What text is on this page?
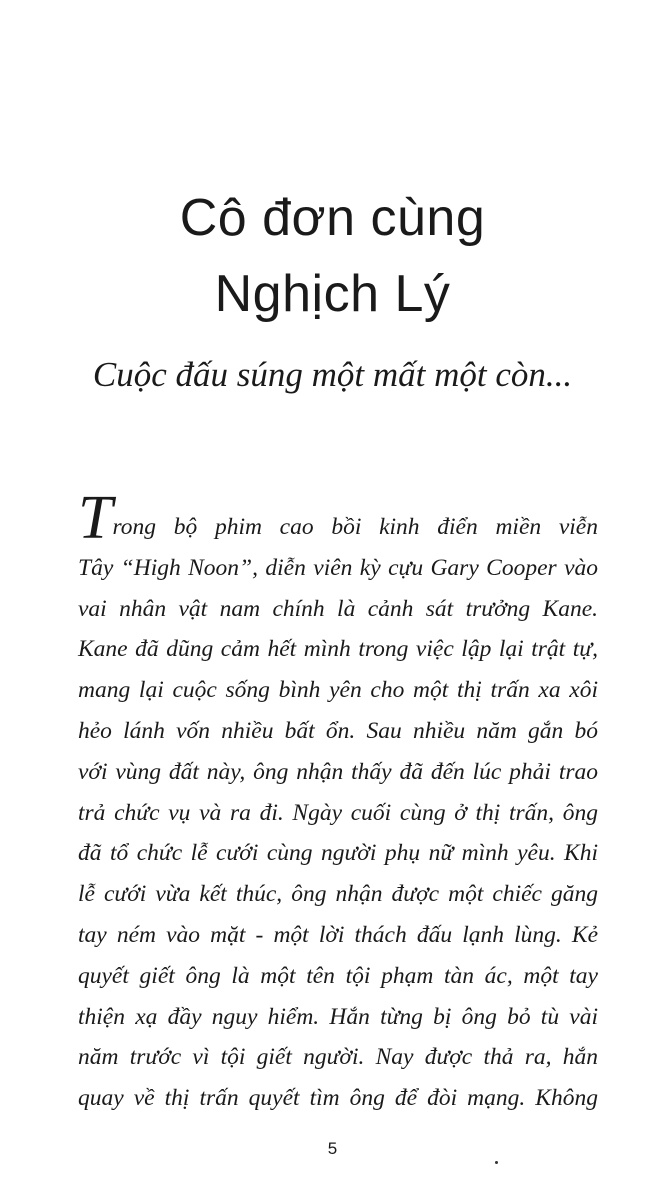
Cô đơn cùng
Nghịch Lý

Cuộc đấu súng một mất một còn...

Trong bộ phim cao bồi kinh điển miền viễn
Tây “High Noon”, diễn viên kỳ cựu Gary Cooper vào
vai nhân vật nam chính là cảnh sát trưởng Kane.
Kane đã dũng cảm hết mình trong việc lập lại trật tự,
mang lại cuộc sống bình yên cho một thị trấn xa xôi
hẻo lánh vốn nhiều bất ổn. Sau nhiều năm gắn bó
với vùng đất này, ông nhận thấy đã đến lúc phải trao
trả chức vụ và ra đi. Ngày cuối cùng ở thị trấn, ông
đã tổ chức lễ cưới cùng người phụ nữ mình yêu. Khi
lễ cưới vừa kết thúc, ông nhận được một chiếc găng
tay ném vào mặt - một lời thách đấu lạnh lùng. Kẻ
quyết giết ông là một tên tội phạm tàn ác, một tay
thiện xạ đầy nguy hiểm. Hắn từng bị ông bỏ tù vài
năm trước vì tội giết người. Nay được thả ra, hắn
quay về thị trấn quyết tìm ông để đòi mạng. Không
5
